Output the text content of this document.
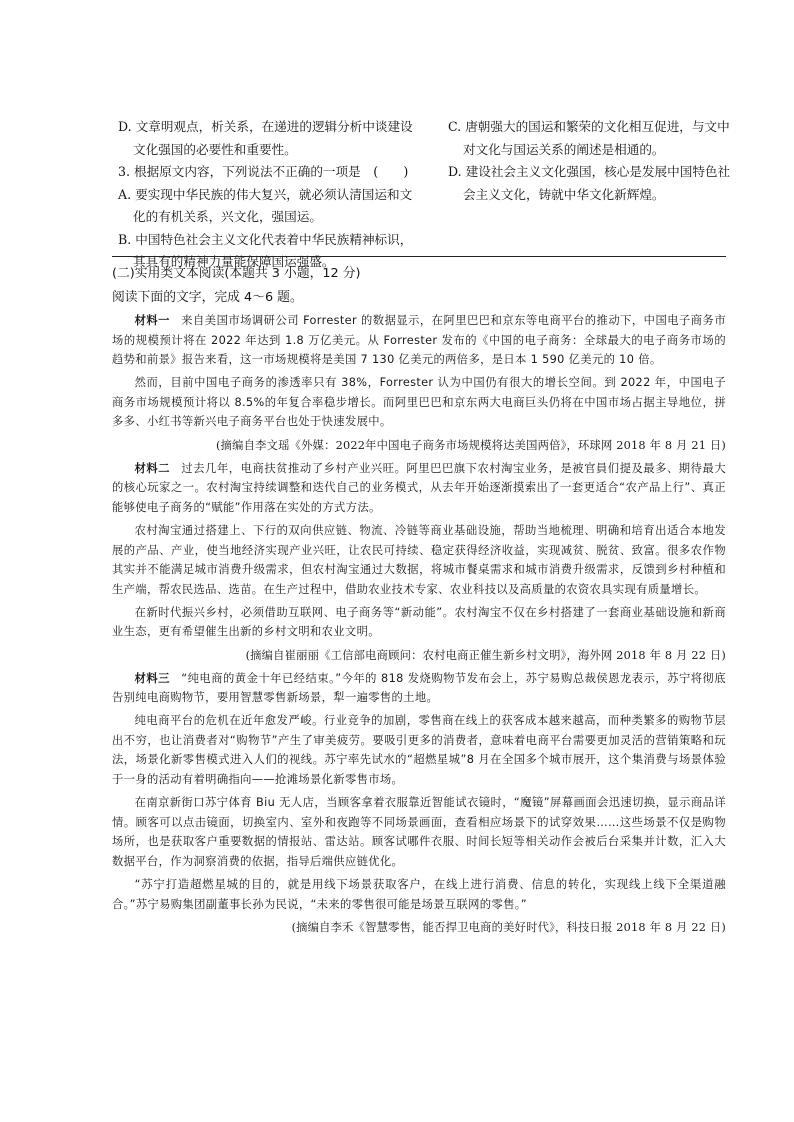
D. 文章明观点，析关系，在递进的逻辑分析中谈建设文化强国的必要性和重要性。

3. 根据原文内容，下列说法不正确的一项是　(　　)

A. 要实现中华民族的伟大复兴，就必须认清国运和文化的有机关系，兴文化，强国运。

B. 中国特色社会主义文化代表着中华民族精神标识，其具有的精神力量能保障国运强盛。

C. 唐朝强大的国运和繁荣的文化相互促进，与文中对文化与国运关系的阐述是相通的。

D. 建设社会主义文化强国，核心是发展中国特色社会主义文化，铸就中华文化新辉煌。

(二)实用类文本阅读(本题共 3 小题，12 分)

阅读下面的文字，完成 4～6 题。

材料一 来自美国市场调研公司 Forrester 的数据显示，在阿里巴巴和京东等电商平台的推动下，中国电子商务市场的规模预计将在 2022 年达到 1.8 万亿美元。从 Forrester 发布的《中国的电子商务：全球最大的电子商务市场的趋势和前景》报告来看，这一市场规模将是美国 7 130 亿美元的两倍多，是日本 1 590 亿美元的 10 倍。

然而，目前中国电子商务的渗透率只有 38%，Forrester 认为中国仍有很大的增长空间。到 2022 年，中国电子商务市场规模预计将以 8.5%的年复合率稳步增长。而阿里巴巴和京东两大电商巨头仍将在中国市场占据主导地位，拼多多、小红书等新兴电子商务平台也处于快速发展中。

(摘编自李文瑶《外媒：2022年中国电子商务市场规模将达美国两倍》，环球网 2018 年 8 月 21 日)

材料二 过去几年，电商扶贫推动了乡村产业兴旺。阿里巴巴旗下农村淘宝业务，是被官員们提及最多、期待最大的核心玩家之一。农村淘宝持续调整和迭代自己的业务模式，从去年开始逐渐摸索出了一套更适合“农产品上行”、真正能够使电子商务的“赋能”作用落在实处的方式方法。

农村淘宝通过搭建上、下行的双向供应链、物流、冷链等商业基础设施，帮助当地梳理、明确和培育出适合本地发展的产品、产业，使当地经济实现产业兴旺，让农民可持续、稳定获得经济收益，实现减贫、脱贫、致富。很多农作物其实并不能满足城市消费升级需求，但农村淘宝通过大数据，将城市餐桌需求和城市消费升级需求，反馈到乡村种植和生产端，帮农民选品、选苗。在生产过程中，借助农业技术专家、农业科技以及高质量的农资农具实现有质量增长。

在新时代振兴乡村，必须借助互联网、电子商务等“新动能”。农村淘宝不仅在乡村搭建了一套商业基础设施和新商业生态，更有希望催生出新的乡村文明和农业文明。

(摘编自崔丽丽《工信部电商顾问：农村电商正催生新乡村文明》，海外网 2018 年 8 月 22 日)

材料三 “纯电商的黄金十年已经结束。”今年的 818 发烧购物节发布会上，苏宁易购总裁侯恩龙表示，苏宁将彻底告别纯电商购物节，要用智慧零售新场景，犁一遍零售的土地。

纯电商平台的危机在近年愈发严峻。行业竞争的加剧，零售商在线上的获客成本越来越高，而种类繁多的购物节层出不穷，也让消费者对“购物节”产生了审美疲劳。要吸引更多的消费者，意味着电商平台需要更加灵活的营销策略和玩法，场景化新零售模式进入人们的视线。苏宁率先试水的“超燃星城”8 月在全国多个城市展开，这个集消费与场景体验于一身的活动有着明确指向——抢滩场景化新零售市场。

在南京新街口苏宁体育 Biu 无人店，当顾客拿着衣服靠近智能试衣镜时，“魔镜”屏幕画面会迅速切换，显示商品详情。顾客可以点击镜面，切换室内、室外和夜跑等不同场景画面，查看相应场景下的试穿效果……这些场景不仅是购物场所，也是获取客户重要数据的情报站、雷达站。顾客试哪件衣服、时间长短等相关动作会被后台采集并计数，汇入大数据平台，作为洞察消费的依据，指导后端供应链优化。

“苏宁打造超燃星城的目的，就是用线下场景获取客户，在线上进行消费、信息的转化，实现线上线下全渠道融合。”苏宁易购集团副董事长孙为民说，“未来的零售很可能是场景互联网的零售。”

(摘编自李禾《智慧零售，能否捍卫电商的美好时代》，科技日报 2018 年 8 月 22 日)
